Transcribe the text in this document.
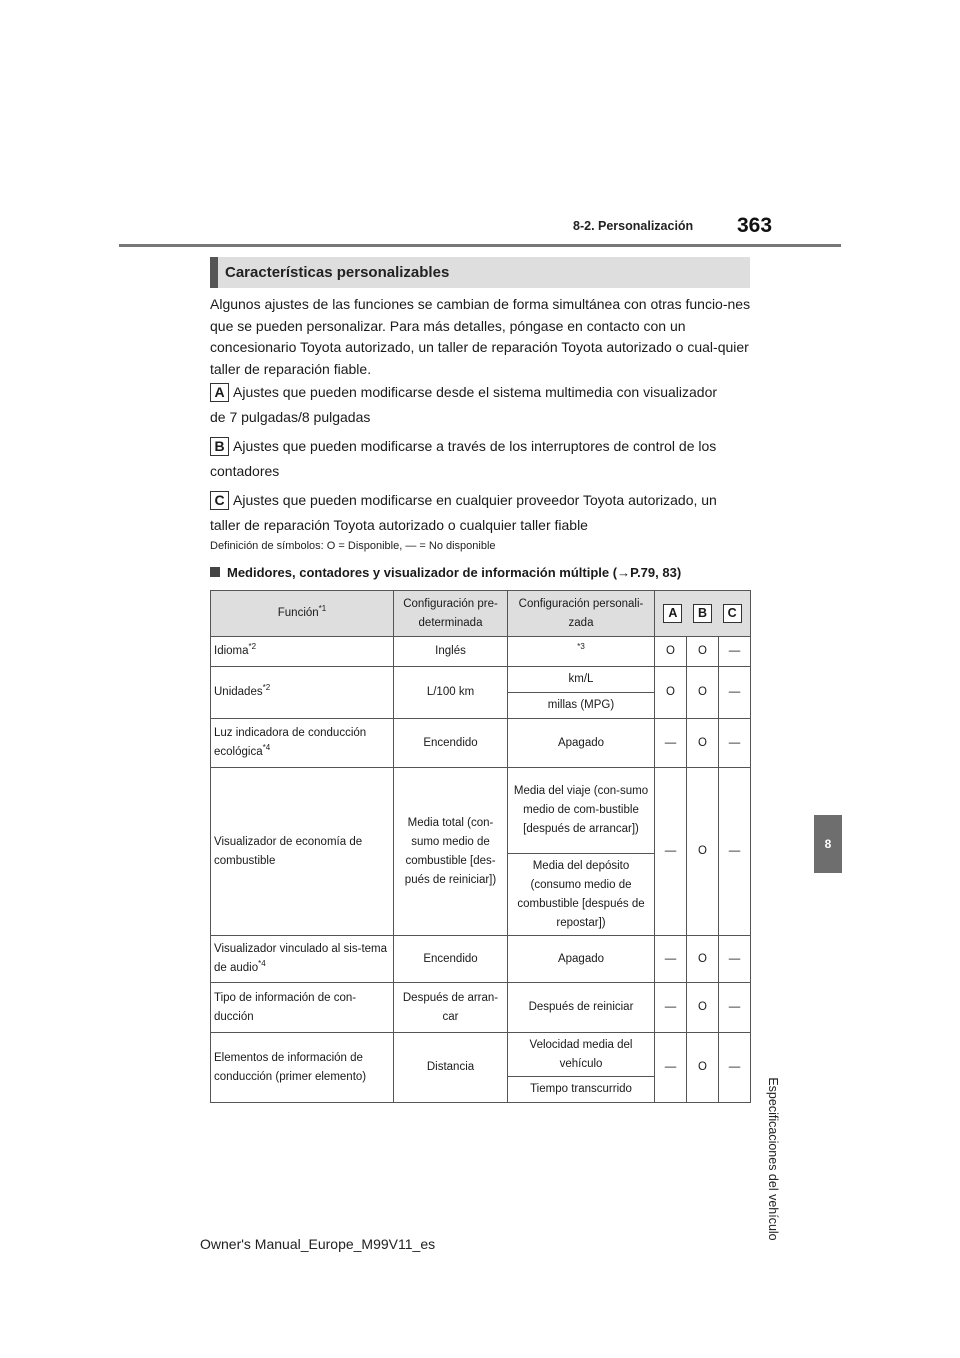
8-2. Personalización 363
8
Especificaciones del vehículo
Características personalizables
Algunos ajustes de las funciones se cambian de forma simultánea con otras funcio-nes que se pueden personalizar. Para más detalles, póngase en contacto con un concesionario Toyota autorizado, un taller de reparación Toyota autorizado o cual-quier taller de reparación fiable.
A Ajustes que pueden modificarse desde el sistema multimedia con visualizador
de 7 pulgadas/8 pulgadas
B Ajustes que pueden modificarse a través de los interruptores de control de los
contadores
C Ajustes que pueden modificarse en cualquier proveedor Toyota autorizado, un
taller de reparación Toyota autorizado o cualquier taller fiable
Definición de símbolos: O = Disponible, — = No disponible
Medidores, contadores y visualizador de información múltiple (→P.79, 83)
Función$^{*1}$	Configuración pre-determinada	Configuración personali-zada	A B C		

Idioma$^{*2}$	Inglés	$^{*3}$	O	O	—
Unidades$^{*2}$	L/100 km	km/L	O	O	—
		millas (MPG)			
Luz indicadora de conducción ecológica$^{*4}$	Encendido	Apagado	—	O	—
Visualizador de economía de combustible	Media total (con-sumo medio de combustible [des-pués de reiniciar])	Media del viaje (con-sumo medio de com-bustible [después de arrancar])	—	O	—
		Media del depósito (consumo medio de combustible [después de repostar])			
Visualizador vinculado al sis-tema de audio$^{*4}$	Encendido	Apagado	—	O	—
Tipo de información de con-ducción	Después de arran-car	Después de reiniciar	—	O	—
Elementos de información de conducción (primer elemento)	Distancia	Velocidad media del vehículo	—	O	—
		Tiempo transcurrido			
Owner's Manual_Europe_M99V11_es
